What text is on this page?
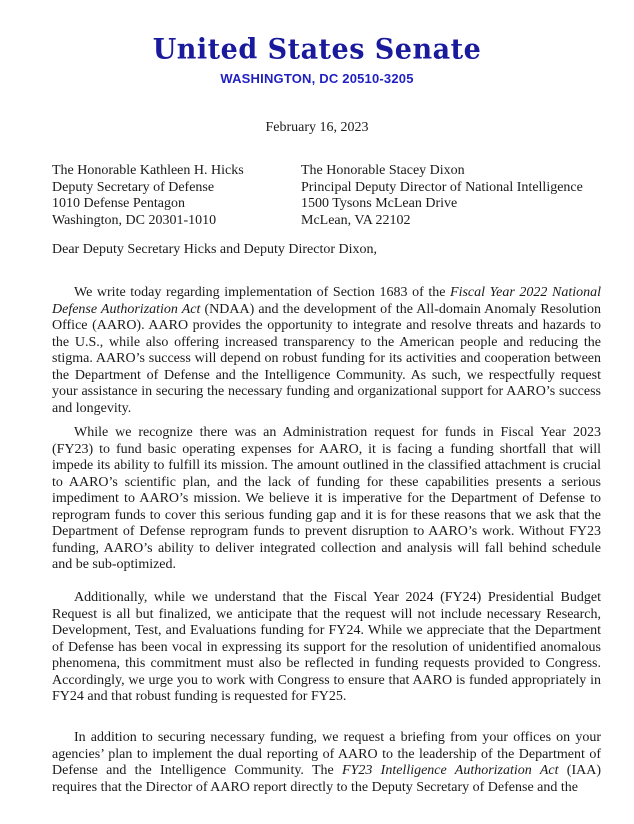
United States Senate
WASHINGTON, DC 20510-3205
February 16, 2023
The Honorable Kathleen H. Hicks
Deputy Secretary of Defense
1010 Defense Pentagon
Washington, DC 20301-1010
The Honorable Stacey Dixon
Principal Deputy Director of National Intelligence
1500 Tysons McLean Drive
McLean, VA 22102
Dear Deputy Secretary Hicks and Deputy Director Dixon,

We write today regarding implementation of Section 1683 of the Fiscal Year 2022 National Defense Authorization Act (NDAA) and the development of the All-domain Anomaly Resolution Office (AARO). AARO provides the opportunity to integrate and resolve threats and hazards to the U.S., while also offering increased transparency to the American people and reducing the stigma. AARO’s success will depend on robust funding for its activities and cooperation between the Department of Defense and the Intelligence Community. As such, we respectfully request your assistance in securing the necessary funding and organizational support for AARO’s success and longevity.

While we recognize there was an Administration request for funds in Fiscal Year 2023 (FY23) to fund basic operating expenses for AARO, it is facing a funding shortfall that will impede its ability to fulfill its mission. The amount outlined in the classified attachment is crucial to AARO’s scientific plan, and the lack of funding for these capabilities presents a serious impediment to AARO’s mission. We believe it is imperative for the Department of Defense to reprogram funds to cover this serious funding gap and it is for these reasons that we ask that the Department of Defense reprogram funds to prevent disruption to AARO’s work. Without FY23 funding, AARO’s ability to deliver integrated collection and analysis will fall behind schedule and be sub-optimized.

Additionally, while we understand that the Fiscal Year 2024 (FY24) Presidential Budget Request is all but finalized, we anticipate that the request will not include necessary Research, Development, Test, and Evaluations funding for FY24. While we appreciate that the Department of Defense has been vocal in expressing its support for the resolution of unidentified anomalous phenomena, this commitment must also be reflected in funding requests provided to Congress. Accordingly, we urge you to work with Congress to ensure that AARO is funded appropriately in FY24 and that robust funding is requested for FY25.

In addition to securing necessary funding, we request a briefing from your offices on your agencies’ plan to implement the dual reporting of AARO to the leadership of the Department of Defense and the Intelligence Community. The FY23 Intelligence Authorization Act (IAA) requires that the Director of AARO report directly to the Deputy Secretary of Defense and the
